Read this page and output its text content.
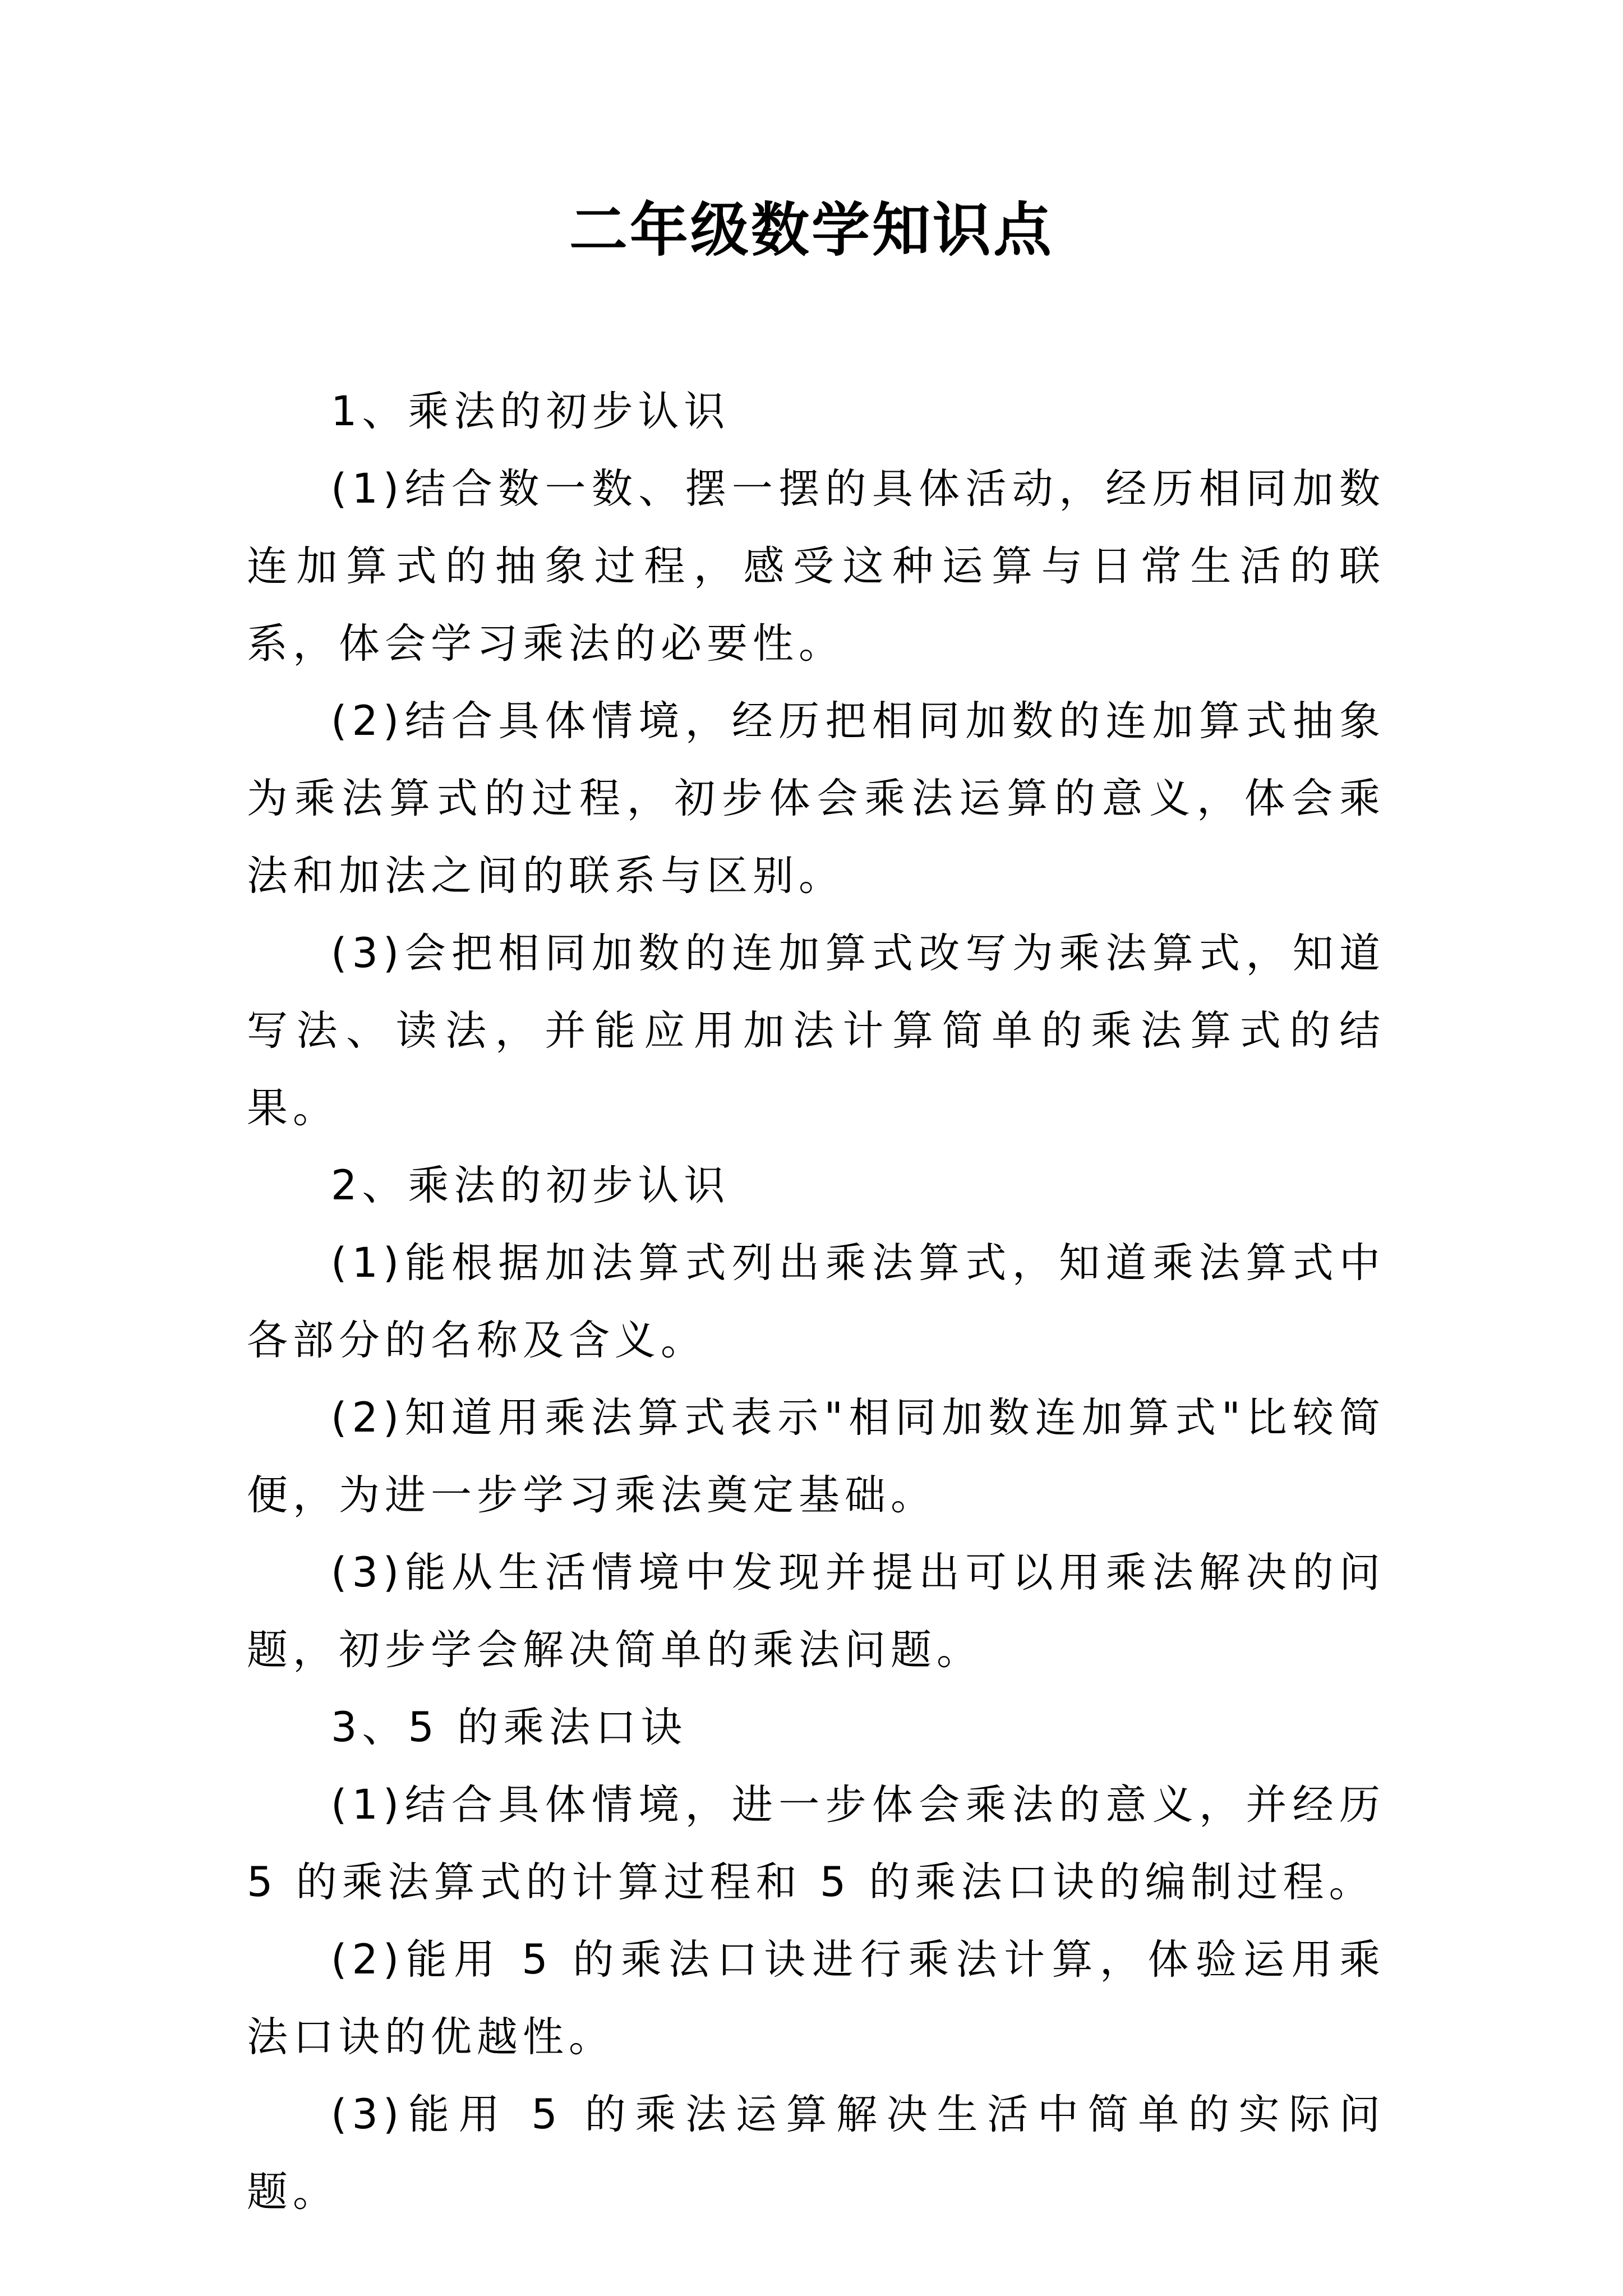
二年级数学知识点

1、乘法的初步认识

(1)结合数一数、摆一摆的具体活动，经历相同加数连加算式的抽象过程，感受这种运算与日常生活的联系，体会学习乘法的必要性。

(2)结合具体情境，经历把相同加数的连加算式抽象为乘法算式的过程，初步体会乘法运算的意义，体会乘法和加法之间的联系与区别。

(3)会把相同加数的连加算式改写为乘法算式，知道写法、读法，并能应用加法计算简单的乘法算式的结果。

2、乘法的初步认识

(1)能根据加法算式列出乘法算式，知道乘法算式中各部分的名称及含义。

(2)知道用乘法算式表示"相同加数连加算式"比较简便，为进一步学习乘法奠定基础。

(3)能从生活情境中发现并提出可以用乘法解决的问题，初步学会解决简单的乘法问题。

3、5 的乘法口诀

(1)结合具体情境，进一步体会乘法的意义，并经历 5 的乘法算式的计算过程和 5 的乘法口诀的编制过程。

(2)能用 5 的乘法口诀进行乘法计算，体验运用乘法口诀的优越性。

(3)能用 5 的乘法运算解决生活中简单的实际问题。
